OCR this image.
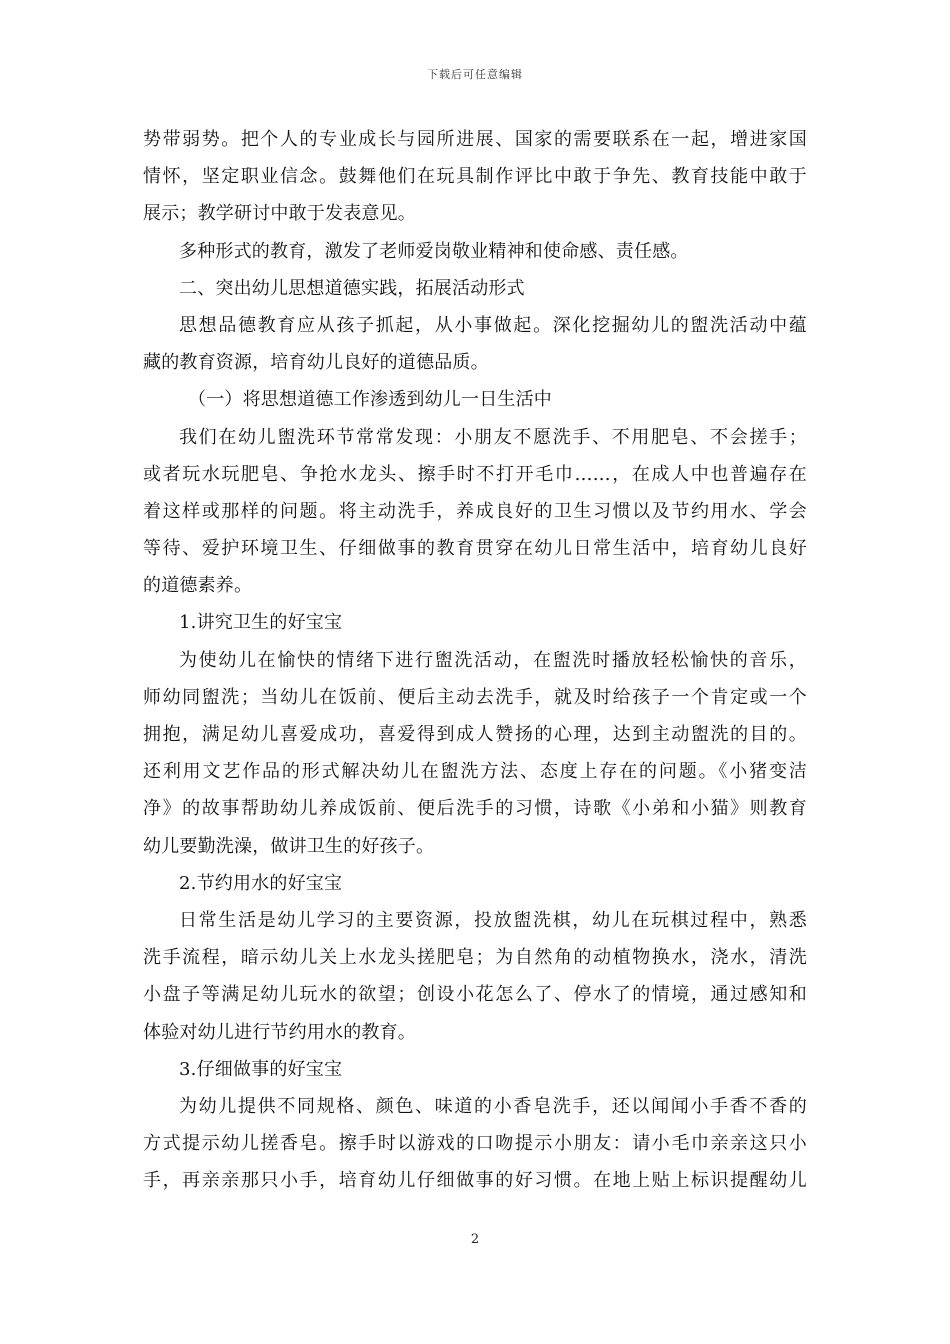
下载后可任意编辑
势带弱势。把个人的专业成长与园所进展、国家的需要联系在一起，增进家国
情怀，坚定职业信念。鼓舞他们在玩具制作评比中敢于争先、教育技能中敢于
展示；教学研讨中敢于发表意见。
多种形式的教育，激发了老师爱岗敬业精神和使命感、责任感。
二、突出幼儿思想道德实践，拓展活动形式
思想品德教育应从孩子抓起，从小事做起。深化挖掘幼儿的盥洗活动中蕴
藏的教育资源，培育幼儿良好的道德品质。
（一）将思想道德工作渗透到幼儿一日生活中
我们在幼儿盥洗环节常常发现：小朋友不愿洗手、不用肥皂、不会搓手；
或者玩水玩肥皂、争抢水龙头、擦手时不打开毛巾……，在成人中也普遍存在
着这样或那样的问题。将主动洗手，养成良好的卫生习惯以及节约用水、学会
等待、爱护环境卫生、仔细做事的教育贯穿在幼儿日常生活中，培育幼儿良好
的道德素养。
1.讲究卫生的好宝宝
为使幼儿在愉快的情绪下进行盥洗活动，在盥洗时播放轻松愉快的音乐，
师幼同盥洗；当幼儿在饭前、便后主动去洗手，就及时给孩子一个肯定或一个
拥抱，满足幼儿喜爱成功，喜爱得到成人赞扬的心理，达到主动盥洗的目的。
还利用文艺作品的形式解决幼儿在盥洗方法、态度上存在的问题。《小猪变洁
净》的故事帮助幼儿养成饭前、便后洗手的习惯，诗歌《小弟和小猫》则教育
幼儿要勤洗澡，做讲卫生的好孩子。
2.节约用水的好宝宝
日常生活是幼儿学习的主要资源，投放盥洗棋，幼儿在玩棋过程中，熟悉
洗手流程，暗示幼儿关上水龙头搓肥皂；为自然角的动植物换水，浇水，清洗
小盘子等满足幼儿玩水的欲望；创设小花怎么了、停水了的情境，通过感知和
体验对幼儿进行节约用水的教育。
3.仔细做事的好宝宝
为幼儿提供不同规格、颜色、味道的小香皂洗手，还以闻闻小手香不香的
方式提示幼儿搓香皂。擦手时以游戏的口吻提示小朋友：请小毛巾亲亲这只小
手，再亲亲那只小手，培育幼儿仔细做事的好习惯。在地上贴上标识提醒幼儿
2
